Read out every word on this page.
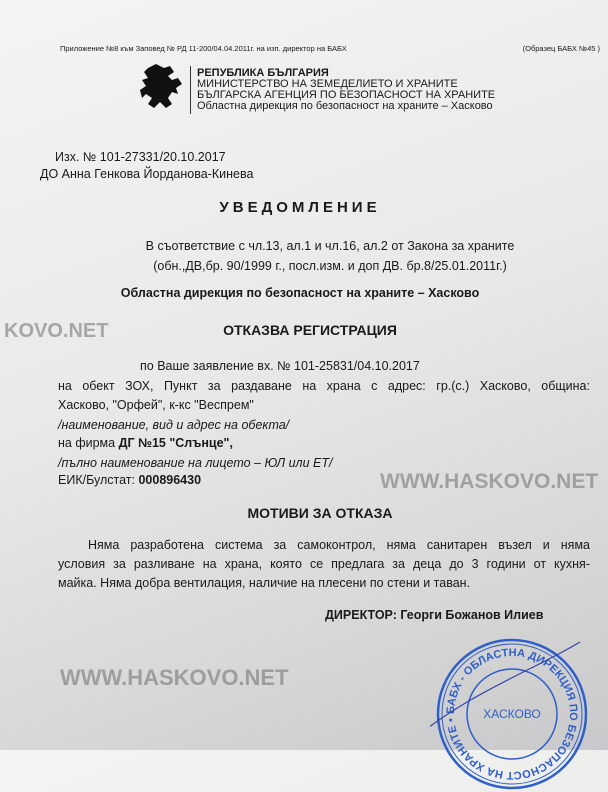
Приложение №8 към Заповед № РД 11-200/04.04.2011г. на изп. директор на БАБХ	(Образец БАБХ №45 )
РЕПУБЛИКА БЪЛГАРИЯ
МИНИСТЕРСТВО НА ЗЕМЕДЕЛИЕТО И ХРАНИТЕ
БЪЛГАРСКА АГЕНЦИЯ ПО БЕЗОПАСНОСТ НА ХРАНИТЕ
Областна дирекция по безопасност на храните – Хасково
Изх. № 101-27331/20.10.2017
ДО Анна Генкова Йорданова-Кинева
УВЕДОМЛЕНИЕ
В съответствие с чл.13, ал.1 и чл.16, ал.2 от Закона за храните
(обн.,ДВ,бр. 90/1999 г., посл.изм. и доп ДВ. бр.8/25.01.2011г.)
Областна дирекция по безопасност на храните – Хасково
ОТКАЗВА РЕГИСТРАЦИЯ
по Ваше заявление вх. № 101-25831/04.10.2017
на обект ЗОХ, Пункт за раздаване на храна с адрес: гр.(с.) Хасково, община:
Хасково, "Орфей", к-кс "Веспрем"
/наименование, вид и адрес на обекта/
на фирма ДГ №15 "Слънце",
/пълно наименование на лицето – ЮЛ или ЕТ/
ЕИК/Булстат: 000896430
МОТИВИ ЗА ОТКАЗА
Няма разработена система за самоконтрол, няма санитарен възел и няма
условия за разливане на храна, която се предлага за деца до 3 години от кухня-
майка. Няма добра вентилация, наличие на плесени по стени и таван.
ДИРЕКТОР: Георги Божанов Илиев
БАБХ - ОБЛАСТНА ДИРЕКЦИЯ ПО БЕЗОПАСНОСТ НА ХРАНИТЕ •	ХАСКОВО
KOVO.NET
WWW.HASKOVO.NET
WWW.HASKOVO.NET
